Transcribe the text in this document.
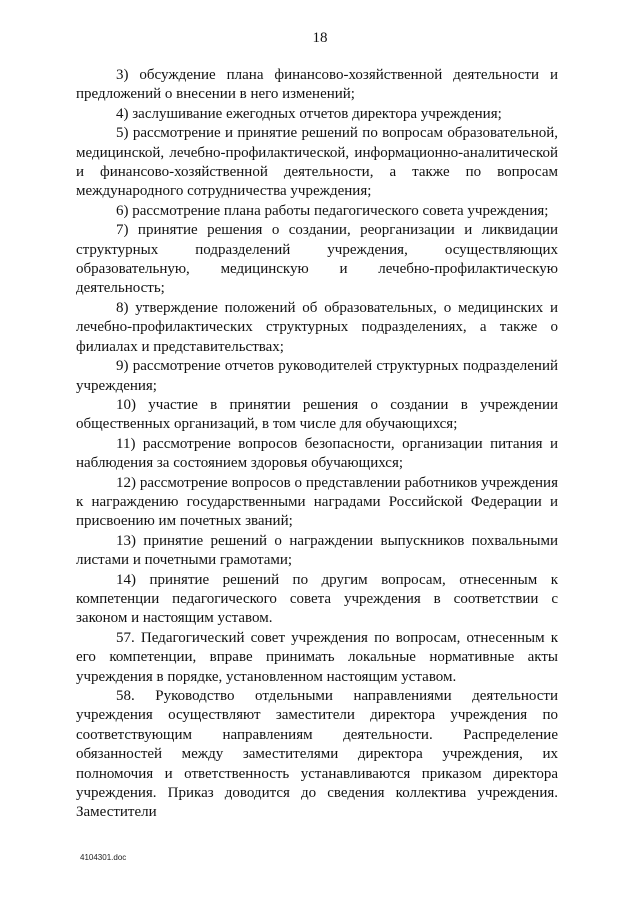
18

3) обсуждение плана финансово-хозяйственной деятельности и предложений о внесении в него изменений;

4) заслушивание ежегодных отчетов директора учреждения;

5) рассмотрение и принятие решений по вопросам образовательной, медицинской, лечебно-профилактической, информационно-аналитической и финансово-хозяйственной деятельности, а также по вопросам международного сотрудничества учреждения;

6) рассмотрение плана работы педагогического совета учреждения;

7) принятие решения о создании, реорганизации и ликвидации структурных подразделений учреждения, осуществляющих образовательную, медицинскую и лечебно-профилактическую деятельность;

8) утверждение положений об образовательных, о медицинских и лечебно-профилактических структурных подразделениях, а также о филиалах и представительствах;

9) рассмотрение отчетов руководителей структурных подразделений учреждения;

10) участие в принятии решения о создании в учреждении общественных организаций, в том числе для обучающихся;

11) рассмотрение вопросов безопасности, организации питания и наблюдения за состоянием здоровья обучающихся;

12) рассмотрение вопросов о представлении работников учреждения к награждению государственными наградами Российской Федерации и присвоению им почетных званий;

13) принятие решений о награждении выпускников похвальными листами и почетными грамотами;

14) принятие решений по другим вопросам, отнесенным к компетенции педагогического совета учреждения в соответствии с законом и настоящим уставом.

57. Педагогический совет учреждения по вопросам, отнесенным к его компетенции, вправе принимать локальные нормативные акты учреждения в порядке, установленном настоящим уставом.

58. Руководство отдельными направлениями деятельности учреждения осуществляют заместители директора учреждения по соответствующим направлениям деятельности. Распределение обязанностей между заместителями директора учреждения, их полномочия и ответственность устанавливаются приказом директора учреждения. Приказ доводится до сведения коллектива учреждения. Заместители

4104301.doc
